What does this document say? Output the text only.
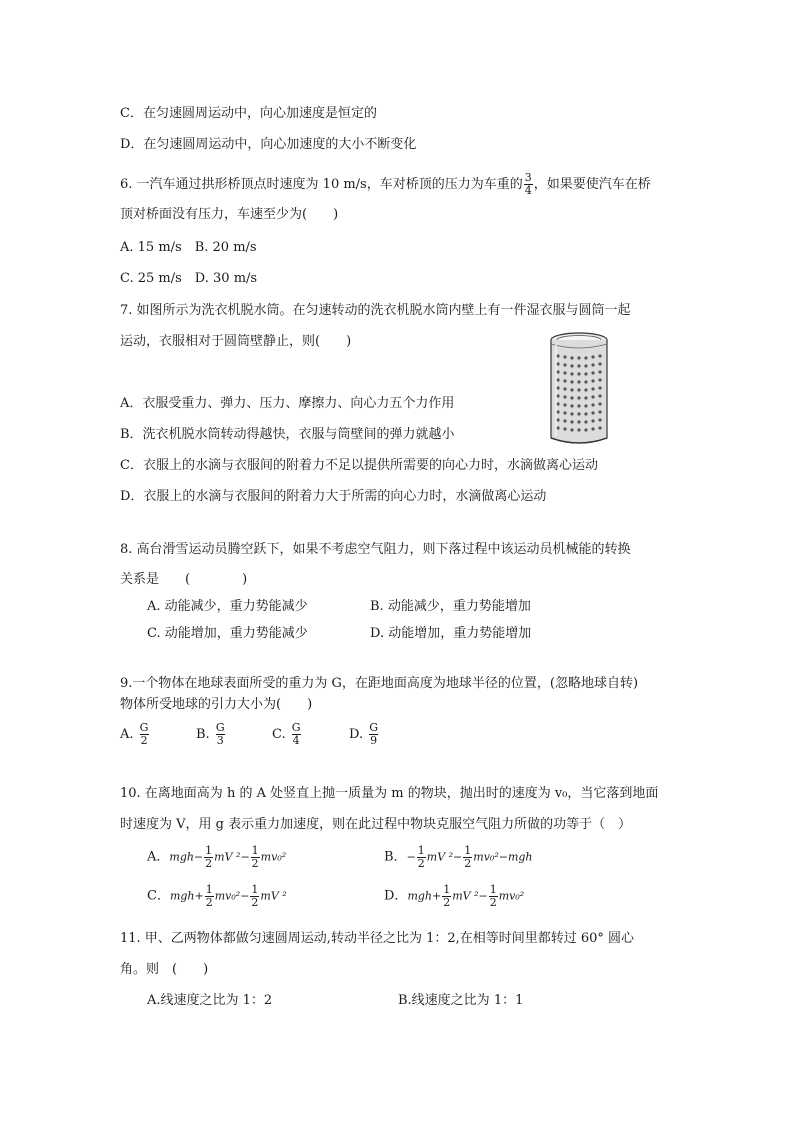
C．在匀速圆周运动中，向心加速度是恒定的
D．在匀速圆周运动中，向心加速度的大小不断变化
6. 一汽车通过拱形桥顶点时速度为 10 m/s，车对桥顶的压力为车重的 $\frac{3}{4}$ ，如果要使汽车在桥
顶对桥面没有压力，车速至少为(　　)
A. 15 m/s　B. 20 m/s
C. 25 m/s　D. 30 m/s
7. 如图所示为洗衣机脱水筒。在匀速转动的洗衣机脱水筒内壁上有一件湿衣服与圆筒一起
运动，衣服相对于圆筒壁静止，则(　　)
A．衣服受重力、弹力、压力、摩擦力、向心力五个力作用
B．洗衣机脱水筒转动得越快，衣服与筒壁间的弹力就越小
C．衣服上的水滴与衣服间的附着力不足以提供所需要的向心力时，水滴做离心运动
D．衣服上的水滴与衣服间的附着力大于所需的向心力时，水滴做离心运动
8. 高台滑雪运动员腾空跃下，如果不考虑空气阻力，则下落过程中该运动员机械能的转换
关系是　　(　　　　)
A. 动能减少，重力势能减少	B. 动能减少，重力势能增加
C. 动能增加，重力势能减少	D. 动能增加，重力势能增加
9.一个物体在地球表面所受的重力为 G，在距地面高度为地球半径的位置，(忽略地球自转)
物体所受地球的引力大小为(　　)
A. $\frac{G}{2}$	B. $\frac{G}{3}$	C. $\frac{G}{4}$	D. $\frac{G}{9}$
10. 在离地面高为 h 的 A 处竖直上抛一质量为 m 的物块，抛出时的速度为 v₀，当它落到地面
时速度为 V，用 g 表示重力加速度，则在此过程中物块克服空气阻力所做的功等于（　）
A．$mgh- \frac{1}{2}$ mV $^2- \frac{1}{2} mv_0^2$	B．− $\frac{1}{2}$ mV $^2- \frac{1}{2} mv_0^2-mgh$
C．$mgh+ \frac{1}{2} mv_0^2- \frac{1}{2}$ mV ²	D．$mgh+ \frac{1}{2}$ mV $^2- \frac{1}{2} mv_0^2$
11. 甲、乙两物体都做匀速圆周运动,转动半径之比为 1：2,在相等时间里都转过 60° 圆心
角。则　(　　)
A.线速度之比为 1：2	B.线速度之比为 1：1
